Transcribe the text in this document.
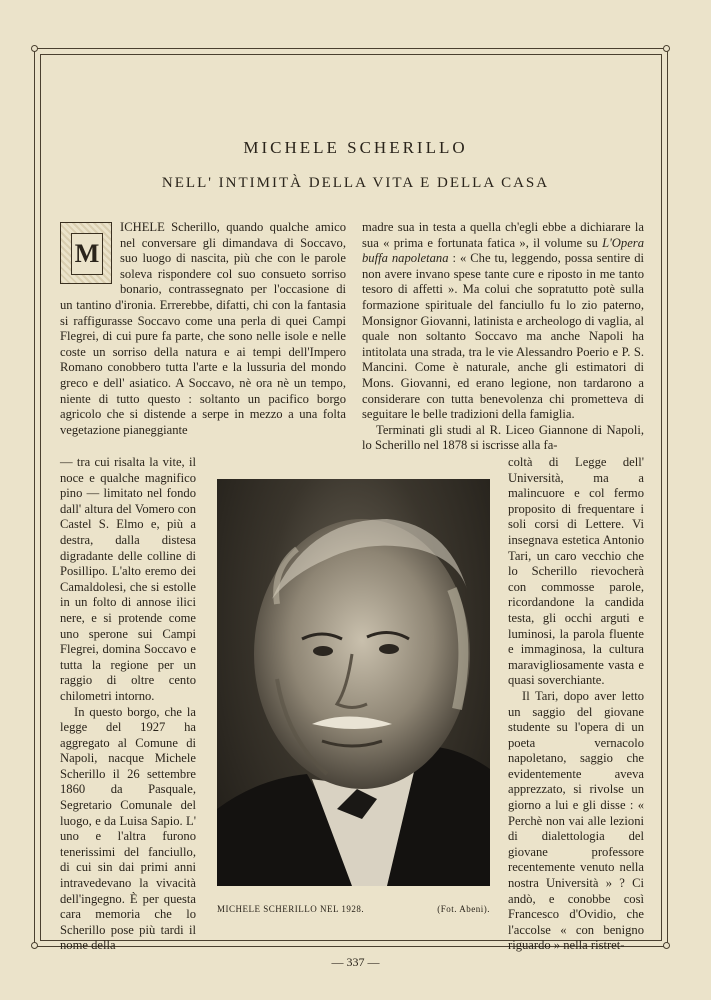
MICHELE SCHERILLO
NELL' INTIMITÀ DELLA VITA E DELLA CASA
M

ICHELE Scherillo, quando qualche amico nel conversare gli dimandava di Soccavo, suo luogo di nascita, più che con le parole soleva rispondere col suo consueto sorriso bonario, contrassegnato per l'occasione di un tantino d'ironia. Errerebbe, difatti, chi con la fantasia si raffigurasse Soccavo come una perla di quei Campi Flegrei, di cui pure fa parte, che sono nelle isole e nelle coste un sorriso della natura e ai tempi dell'Impero Romano conobbero tutta l'arte e la lussuria del mondo greco e dell' asiatico. A Soccavo, nè ora nè un tempo, niente di tutto questo : soltanto un pacifico borgo agricolo che si distende a serpe in mezzo a una folta vegetazione pianeggiante

— tra cui risalta la vite, il noce e qualche magnifico pino — limitato nel fondo dall' altura del Vomero con Castel S. Elmo e, più a destra, dalla distesa digradante delle colline di Posillipo. L'alto eremo dei Camaldolesi, che si estolle in un folto di annose ilici nere, e si protende come uno sperone sui Campi Flegrei, domina Soccavo e tutta la regione per un raggio di oltre cento chilometri intorno.

In questo borgo, che la legge del 1927 ha aggregato al Comune di Napoli, nacque Michele Scherillo il 26 settembre 1860 da Pasquale, Segretario Comunale del luogo, e da Luisa Sapio. L' uno e l'altra furono tenerissimi del fanciullo, di cui sin dai primi anni intravedevano la vivacità dell'ingegno. È per questa cara memoria che lo Scherillo pose più tardi il nome della

madre sua in testa a quella ch'egli ebbe a dichiarare la sua « prima e fortunata fatica », il volume su L'Opera buffa napoletana : « Che tu, leggendo, possa sentire di non avere invano spese tante cure e riposto in me tanto tesoro di affetti ». Ma colui che sopratutto potè sulla formazione spirituale del fanciullo fu lo zio paterno, Monsignor Giovanni, latinista e archeologo di vaglia, al quale non soltanto Soccavo ma anche Napoli ha intitolata una strada, tra le vie Alessandro Poerio e P. S. Mancini. Come è naturale, anche gli estimatori di Mons. Giovanni, ed erano legione, non tardarono a considerare con tutta benevolenza chi prometteva di seguitare le belle tradizioni della famiglia.

Terminati gli studi al R. Liceo Giannone di Napoli, lo Scherillo nel 1878 si iscrisse alla fa-

coltà di Legge dell' Università, ma a malincuore e col fermo proposito di frequentare i soli corsi di Lettere. Vi insegnava estetica Antonio Tari, un caro vecchio che lo Scherillo rievocherà con commosse parole, ricordandone la candida testa, gli occhi arguti e luminosi, la parola fluente e immaginosa, la cultura maravigliosamente vasta e quasi soverchiante.

Il Tari, dopo aver letto un saggio del giovane studente su l'opera di un poeta vernacolo napoletano, saggio che evidentemente aveva apprezzato, si rivolse un giorno a lui e gli disse : « Perchè non vai alle lezioni di dialettologia del giovane professore recentemente venuto nella nostra Università » ? Ci andò, e conobbe così Francesco d'Ovidio, che l'accolse « con benigno riguardo » nella ristret-

MICHELE SCHERILLO NEL 1928.	(Fot. Abeni).
— 337 —
